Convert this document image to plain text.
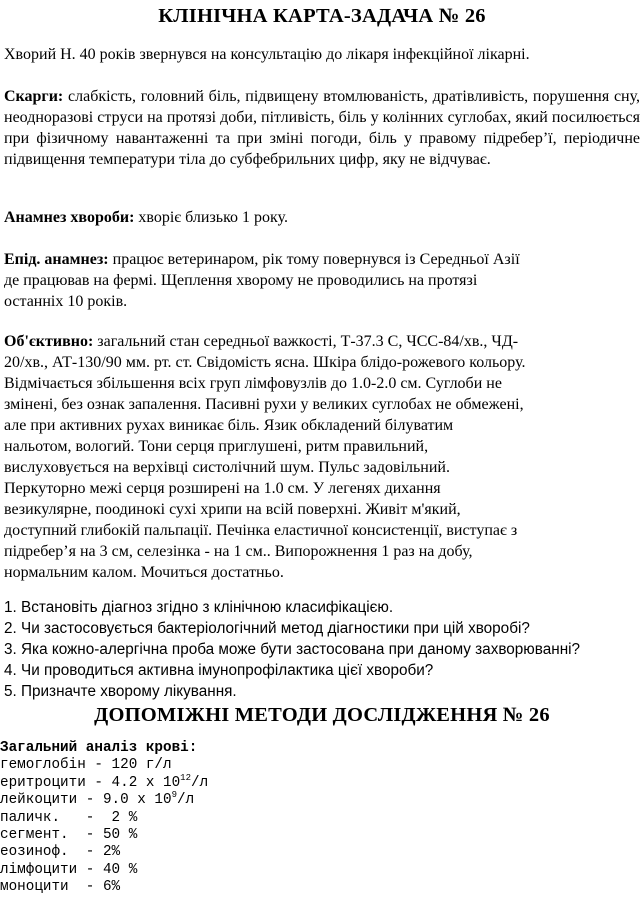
КЛІНІЧНА КАРТА-ЗАДАЧА № 26

Хворий Н. 40 років звернувся на консультацію до лікаря інфекційної лікарні.

Скарги: слабкість, головний біль, підвищену втомлюваність, дратівливість, порушення сну, неодноразові струси на протязі доби, пітливість, біль у колінних суглобах, який посилюється при фізичному навантаженні та при зміні погоди, біль у правому підребер’ї, періодичне підвищення температури тіла до субфебрильних цифр, яку не відчуває.

Анамнез хвороби: хворіє близько 1 року.

Епід. анамнез: працює ветеринаром, рік тому повернувся із Середньої Азії
де працював на фермі. Щеплення хворому не проводились на протязі
останніх 10 років.
Об'єктивно: загальний стан середньої важкості, Т-37.3 С, ЧСС-84/хв., ЧД-
20/хв., АТ-130/90 мм. рт. ст. Свідомість ясна. Шкіра блідо-рожевого кольору.
Відмічається збільшення всіх груп лімфовузлів до 1.0-2.0 см. Суглоби не
змінені, без ознак запалення. Пасивні рухи у великих суглобах не обмежені,
але при активних рухах виникає біль. Язик обкладений білуватим
нальотом, вологий. Тони серця приглушені, ритм правильний,
вислуховується на верхівці систолічний шум. Пульс задовільний.
Перкуторно межі серця розширені на 1.0 см. У легенях дихання
везикулярне, поодинокі сухі хрипи на всій поверхні. Живіт м'який,
доступний глибокій пальпації. Печінка еластичної консистенції, виступає з
підребер’я на 3 см, селезінка - на 1 см.. Випорожнення 1 раз на добу,
нормальним калом. Мочиться достатньо.
1. Встановіть діагноз згідно з клінічною класифікацією.
2. Чи застосовується бактеріологічний метод діагностики при цій хворобі?
3. Яка кожно-алергічна проба може бути застосована при даному захворюванні?
4. Чи проводиться активна імунопрофілактика цієї хвороби?
5. Призначте хворому лікування.
ДОПОМІЖНІ МЕТОДИ ДОСЛІДЖЕННЯ № 26
Загальний аналіз крові:
гемоглобін - 120 г/л
еритроцити - 4.2 х $10^{12}/л$
лейкоцити - 9.0 х $10^9/л$
паличк.   -  2 %
сегмент.  - 50 %
еозиноф.  - 2%
лімфоцити - 40 %
моноцити  - 6%
